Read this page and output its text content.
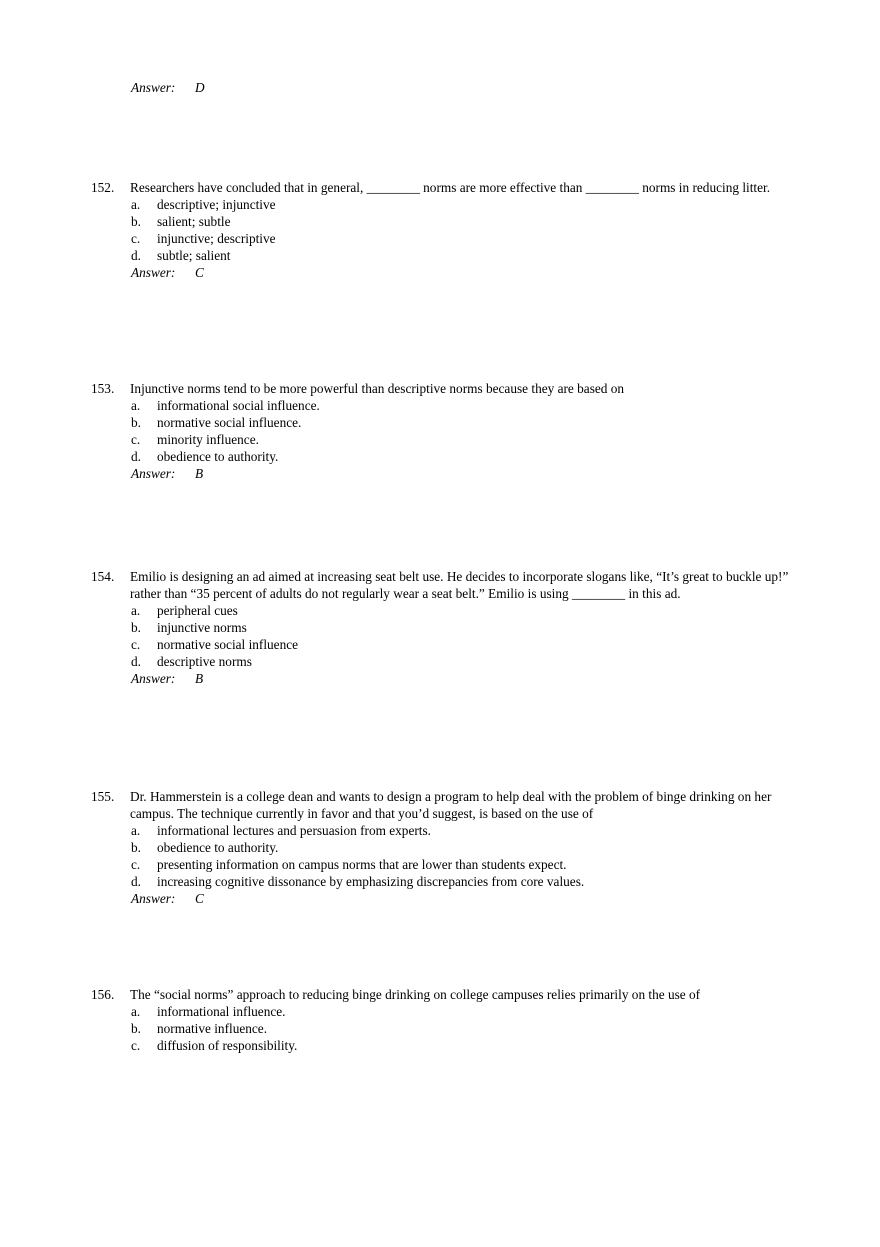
Answer: D
152. Researchers have concluded that in general, ________ norms are more effective than ________ norms in reducing litter.
a. descriptive; injunctive
b. salient; subtle
c. injunctive; descriptive
d. subtle; salient
Answer: C
153. Injunctive norms tend to be more powerful than descriptive norms because they are based on
a. informational social influence.
b. normative social influence.
c. minority influence.
d. obedience to authority.
Answer: B
154. Emilio is designing an ad aimed at increasing seat belt use. He decides to incorporate slogans like, “It’s great to buckle up!” rather than “35 percent of adults do not regularly wear a seat belt.” Emilio is using ________ in this ad.
a. peripheral cues
b. injunctive norms
c. normative social influence
d. descriptive norms
Answer: B
155. Dr. Hammerstein is a college dean and wants to design a program to help deal with the problem of binge drinking on her campus. The technique currently in favor and that you’d suggest, is based on the use of
a. informational lectures and persuasion from experts.
b. obedience to authority.
c. presenting information on campus norms that are lower than students expect.
d. increasing cognitive dissonance by emphasizing discrepancies from core values.
Answer: C
156. The “social norms” approach to reducing binge drinking on college campuses relies primarily on the use of
a. informational influence.
b. normative influence.
c. diffusion of responsibility.
